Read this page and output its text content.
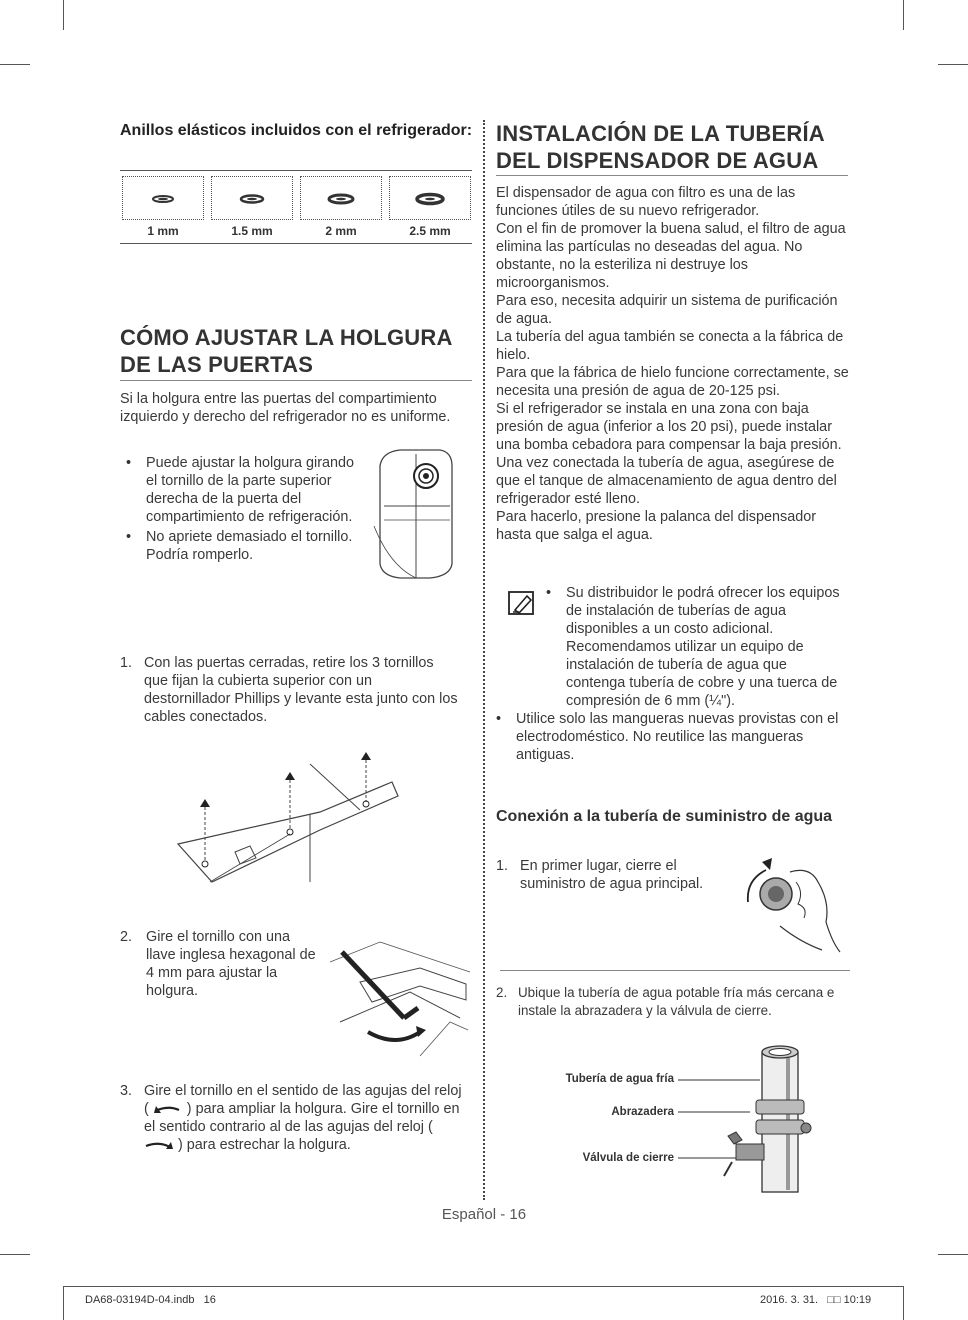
Anillos elásticos incluidos con el refrigerador:
1 mm	1.5 mm	2 mm	2.5 mm
CÓMO AJUSTAR LA HOLGURA
DE LAS PUERTAS
Si la holgura entre las puertas del compartimiento izquierdo y derecho del refrigerador no es uniforme.
• Puede ajustar la holgura girando el tornillo de la parte superior derecha de la puerta del compartimiento de refrigeración.
• No apriete demasiado el tornillo.
Podría romperlo.
1. Con las puertas cerradas, retire los 3 tornillos que fijan la cubierta superior con un destornillador Phillips y levante esta junto con los cables conectados.
2. Gire el tornillo con una llave inglesa hexagonal de 4 mm para ajustar la holgura.
3. Gire el tornillo en el sentido de las agujas del reloj (	) para ampliar la holgura. Gire el tornillo en el sentido contrario al de las agujas del reloj (  ) para estrechar la holgura.
INSTALACIÓN DE LA TUBERÍA
DEL DISPENSADOR DE AGUA
El dispensador de agua con filtro es una de las funciones útiles de su nuevo refrigerador.
Con el fin de promover la buena salud, el filtro de agua elimina las partículas no deseadas del agua. No obstante, no la esteriliza ni destruye los microorganismos.
Para eso, necesita adquirir un sistema de purificación de agua.
La tubería del agua también se conecta a la fábrica de hielo.
Para que la fábrica de hielo funcione correctamente, se necesita una presión de agua de 20-125 psi.
Si el refrigerador se instala en una zona con baja presión de agua (inferior a los 20 psi), puede instalar una bomba cebadora para compensar la baja presión.
Una vez conectada la tubería de agua, asegúrese de que el tanque de almacenamiento de agua dentro del refrigerador esté lleno.
Para hacerlo, presione la palanca del dispensador hasta que salga el agua.
• Su distribuidor le podrá ofrecer los equipos de instalación de tuberías de agua disponibles a un costo adicional. Recomendamos utilizar un equipo de instalación de tubería de agua que contenga tubería de cobre y una tuerca de compresión de 6 mm (¼").
• Utilice solo las mangueras nuevas provistas con el electrodoméstico. No reutilice las mangueras antiguas.
Conexión a la tubería de suministro de agua
1. En primer lugar, cierre el suministro de agua principal.
2. Ubique la tubería de agua potable fría más cercana e instale la abrazadera y la válvula de cierre.
Tubería de agua fría
Abrazadera
Válvula de cierre
Español - 16
DA68-03194D-04.indb   16	2016. 3. 31.   □□ 10:19
